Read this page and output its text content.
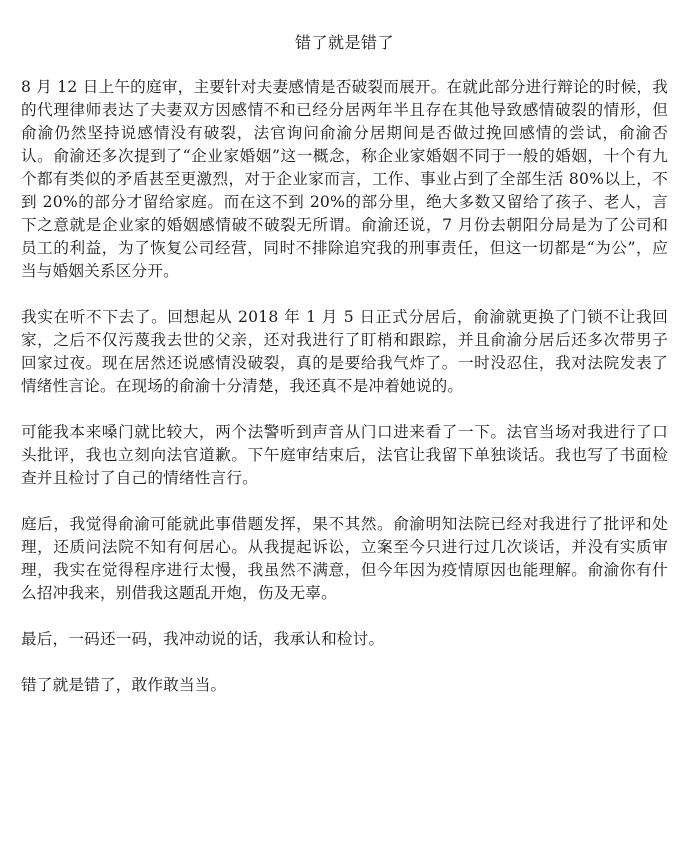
错了就是错了

8 月 12 日上午的庭审，主要针对夫妻感情是否破裂而展开。在就此部分进行辩论的时候，我的代理律师表达了夫妻双方因感情不和已经分居两年半且存在其他导致感情破裂的情形，但俞渝仍然坚持说感情没有破裂，法官询问俞渝分居期间是否做过挽回感情的尝试，俞渝否认。俞渝还多次提到了“企业家婚姻”这一概念，称企业家婚姻不同于一般的婚姻，十个有九个都有类似的矛盾甚至更激烈，对于企业家而言，工作、事业占到了全部生活 80%以上，不到 20%的部分才留给家庭。而在这不到 20%的部分里，绝大多数又留给了孩子、老人，言下之意就是企业家的婚姻感情破不破裂无所谓。俞渝还说，7 月份去朝阳分局是为了公司和员工的利益，为了恢复公司经营，同时不排除追究我的刑事责任，但这一切都是“为公”，应当与婚姻关系区分开。

我实在听不下去了。回想起从 2018 年 1 月 5 日正式分居后，俞渝就更换了门锁不让我回家，之后不仅污蔑我去世的父亲，还对我进行了盯梢和跟踪，并且俞渝分居后还多次带男子回家过夜。现在居然还说感情没破裂，真的是要给我气炸了。一时没忍住，我对法院发表了情绪性言论。在现场的俞渝十分清楚，我还真不是冲着她说的。

可能我本来嗓门就比较大，两个法警听到声音从门口进来看了一下。法官当场对我进行了口头批评，我也立刻向法官道歉。下午庭审结束后，法官让我留下单独谈话。我也写了书面检查并且检讨了自己的情绪性言行。

庭后，我觉得俞渝可能就此事借题发挥，果不其然。俞渝明知法院已经对我进行了批评和处理，还质问法院不知有何居心。从我提起诉讼，立案至今只进行过几次谈话，并没有实质审理，我实在觉得程序进行太慢，我虽然不满意，但今年因为疫情原因也能理解。俞渝你有什么招冲我来，别借我这题乱开炮，伤及无辜。

最后，一码还一码，我冲动说的话，我承认和检讨。

错了就是错了，敢作敢当当。
